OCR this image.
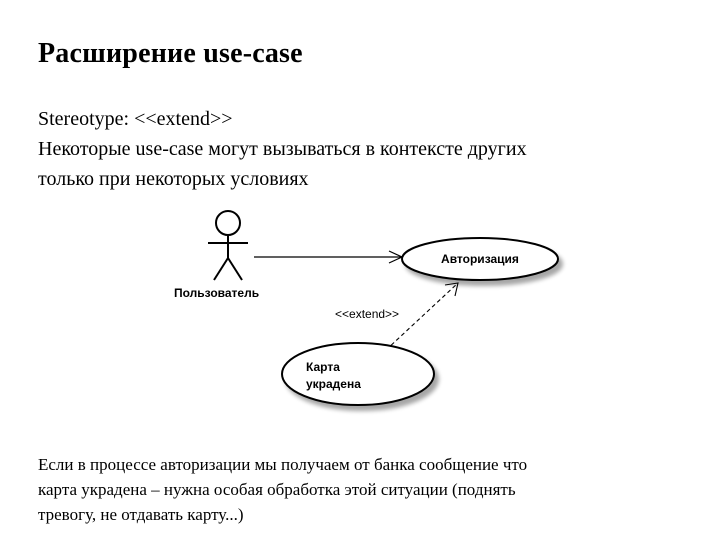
Расширение use-case
Stereotype: <<extend>>
Некоторые use-case могут вызываться в контексте других
только при некоторых условиях
Пользователь
Авторизация
<<extend>>
Карта
украдена
Если в процессе авторизации мы получаем от банка сообщение что
карта украдена – нужна особая обработка этой ситуации (поднять
тревогу, не отдавать карту...)
